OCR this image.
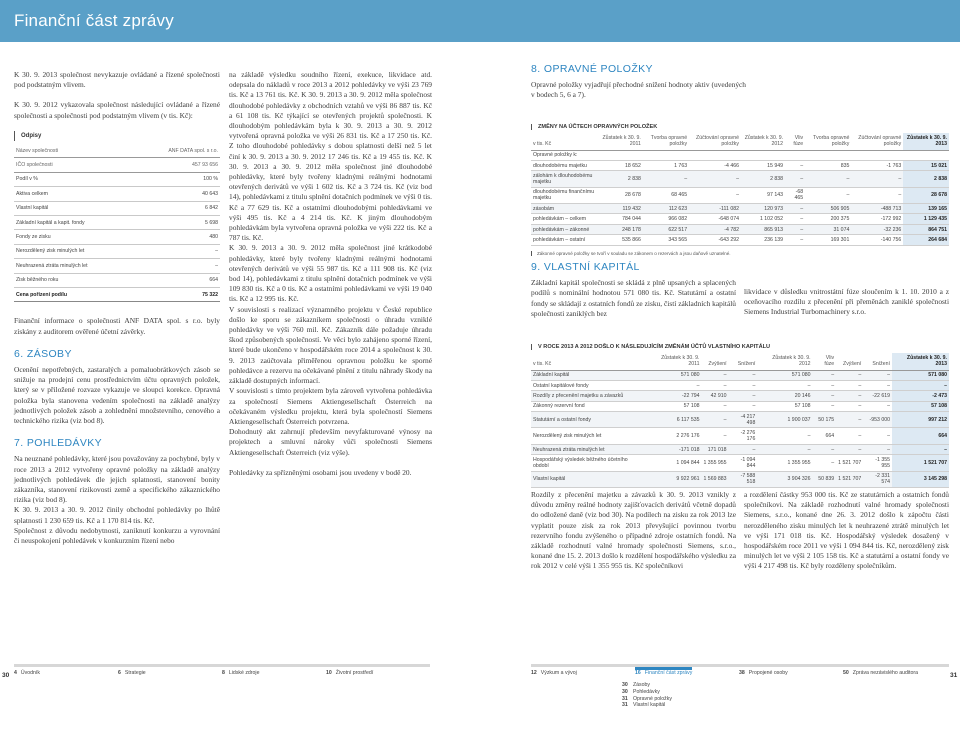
Finanční část zprávy

K 30. 9. 2013 společnost nevykazuje ovládané a řízené společnosti pod podstatným vlivem.

K 30. 9. 2012 vykazovala společnost následující ovládané a řízené společnosti a společnosti pod podstatným vlivem (v tis. Kč):

Odpisy
Název společnosti	ANF DATA spol. s r.o.
IČO společnosti	457 93 656
Podíl v %	100 %
Aktiva celkem	40 643
Vlastní kapitál	6 842
Základní kapitál a kapit. fondy	5 698
Fondy ze zisku	480
Nerozdělený zisk minulých let	–
Neuhrazená ztráta minulých let	–
Zisk běžného roku	664
Cena pořízení podílu	75 322

Finanční informace o společnosti ANF DATA spol. s r.o. byly získány z auditorem ověřené účetní závěrky.

6. ZÁSOBY

Ocenění nepotřebných, zastaralých a pomaluobrátkových zásob se snižuje na prodejní cenu prostřednictvím účtu opravných položek, který se v přiložené rozvaze vykazuje ve sloupci korekce. Opravná položka byla stanovena vedením společnosti na základě analýzy jednotlivých položek zásob a zohlednění množstevního, cenového a technického rizika (viz bod 8).

7. POHLEDÁVKY

Na neuznané pohledávky, které jsou považovány za pochybné, byly v roce 2013 a 2012 vytvořeny opravné položky na základě analýzy jednotlivých pohledávek dle jejich splatnosti, stanovení bonity zákazníka, stanovení rizikovosti země a specifického zákaznického rizika (viz bod 8).

K 30. 9. 2013 a 30. 9. 2012 činily obchodní pohledávky po lhůtě splatnosti 1 230 659 tis. Kč a 1 170 814 tis. Kč.

Společnost z důvodu nedobytnosti, zaniknutí konkurzu a vyrovnání či neuspokojení pohledávek v konkurzním řízení nebo

na základě výsledku soudního řízení, exekuce, likvidace atd. odepsala do nákladů v roce 2013 a 2012 pohledávky ve výši 23 769 tis. Kč a 13 761 tis. Kč. K 30. 9. 2013 a 30. 9. 2012 měla společnost dlouhodobé pohledávky z obchodních vztahů ve výši 86 887 tis. Kč a 61 108 tis. Kč týkající se otevřených projektů společnosti. K dlouhodobým pohledávkám byla k 30. 9. 2013 a 30. 9. 2012 vytvořená opravná položka ve výši 26 831 tis. Kč a 17 250 tis. Kč. Z toho dlouhodobé pohledávky s dobou splatnosti delší než 5 let činí k 30. 9. 2013 a 30. 9. 2012 17 246 tis. Kč a 19 455 tis. Kč. K 30. 9. 2013 a 30. 9. 2012 měla společnost jiné dlouhodobé pohledávky, které byly tvořeny kladnými reálnými hodnotami otevřených derivátů ve výši 1 602 tis. Kč a 3 724 tis. Kč (viz bod 14), pohledávkami z titulu splnění dotačních podmínek ve výši 0 tis. Kč a 77 629 tis. Kč a ostatními dlouhodobými pohledávkami ve výši 495 tis. Kč a 4 214 tis. Kč. K jiným dlouhodobým pohledávkám byla vytvořena opravná položka ve výši 222 tis. Kč a 787 tis. Kč.

K 30. 9. 2013 a 30. 9. 2012 měla společnost jiné krátkodobé pohledávky, které byly tvořeny kladnými reálnými hodnotami otevřených derivátů ve výši 55 987 tis. Kč a 111 908 tis. Kč (viz bod 14), pohledávkami z titulu splnění dotačních podmínek ve výši 109 830 tis. Kč a 0 tis. Kč a ostatními pohledávkami ve výši 19 040 tis. Kč a 12 995 tis. Kč.

V souvislosti s realizací významného projektu v České republice došlo ke sporu se zákazníkem společnosti o úhradu vzniklé pohledávky ve výši 760 mil. Kč. Zákazník dále požaduje úhradu škod způsobených společností. Ve věci bylo zahájeno sporné řízení, které bude ukončeno v hospodářském roce 2014 a společnost k 30. 9. 2013 zaúčtovala přiměřenou opravnou položku ke sporné pohledávce a rezervu na očekávané plnění z titulu náhrady škody na základě dostupných informací.

V souvislosti s tímto projektem byla zároveň vytvořena pohledávka za společností Siemens Aktiengesellschaft Österreich na očekávaném výsledku projektu, která byla společností Siemens Aktiengesellschaft Österreich potvrzena.

Dohodnutý akt zahrnují především nevyfakturované výnosy na projektech a smluvní nároky vůči společnosti Siemens Aktiengesellschaft Österreich (viz výše).

Pohledávky za spřízněnými osobami jsou uvedeny v bodě 20.

8. OPRAVNÉ POLOŽKY

Opravné položky vyjadřují přechodné snížení hodnoty aktiv (uvedených v bodech 5, 6 a 7).

ZMĚNY NA ÚČTECH OPRAVNÝCH POLOŽEK
v tis. Kč	Zůstatek k 30. 9. 2011	Tvorba opravné položky	Zúčtování opravné položky	Zůstatek k 30. 9. 2012	Vliv fúze	Tvorba opravné položky	Zúčtování opravné položky	Zůstatek k 30. 9. 2013
Opravné položky k:								
dlouhodobému majetku	18 652	1 763	-4 466	15 949	–	835	-1 763	15 021
zálohám k dlouhodobému majetku	2 838	–	–	2 838	–	–	–	2 838
dlouhodobému finančnímu majetku	28 678	68 465	–	97 143	-68 465	–	–	28 678
zásobám	119 432	112 623	-111 082	120 973	–	506 905	-488 713	139 165
pohledávkám – celkem	784 044	966 082	-648 074	1 102 052	–	200 375	-172 992	1 129 435
pohledávkám – zákonné	248 178	622 517	-4 782	865 913	–	31 074	-32 236	864 751
pohledávkám – ostatní	535 866	343 565	-643 292	236 139	–	169 301	-140 756	264 684
Zákonné opravné položky se tvoří v souladu se zákonem o rezervách a jsou daňově uznatelné.
9. VLASTNÍ KAPITÁL

Základní kapitál společnosti se skládá z plně upsaných a splacených podílů s nominální hodnotou 571 080 tis. Kč. Statutární a ostatní fondy se skládají z ostatních fondů ze zisku, čistí základních kapitálů společnosti zaniklých bez

likvidace v důsledku vnitrostátní fúze sloučením k 1. 10. 2010 a z oceňovacího rozdílu z přecenění při přeměnách zaniklé společnosti Siemens Industrial Turbomachinery s.r.o.

V ROCE 2013 A 2012 DOŠLO K NÁSLEDUJÍCÍM ZMĚNÁM ÚČTŮ VLASTNÍHO KAPITÁLU
v tis. Kč	Zůstatek k 30. 9. 2011	Zvýšení	Snížení	Zůstatek k 30. 9. 2012	Vliv fúze	Zvýšení	Snížení	Zůstatek k 30. 9. 2013
Základní kapitál	571 080	–	–	571 080	–	–	–	571 080
Ostatní kapitálové fondy	–	–	–	–	–	–	–	–
Rozdíly z přecenění majetku a závazků	-22 794	42 910	–	20 146	–	–	-22 619	-2 473
Zákonný rezervní fond	57 108	–	–	57 108	–	–	–	57 108
Statutární a ostatní fondy	6 117 535	–	-4 217 498	1 900 037	50 175	–	-953 000	997 212
Nerozdělený zisk minulých let	2 276 176	–	-2 276 176	–	664	–	–	664
Neuhrazená ztráta minulých let	-171 018	171 018	–	–	–	–	–	–
Hospodářský výsledek běžného účetního období	1 094 844	1 355 955	-1 094 844	1 355 955	–	1 521 707	-1 355 955	1 521 707
Vlastní kapitál	9 922 961	1 569 883	-7 588 518	3 904 326	50 839	1 521 707	-2 331 574	3 145 298

Rozdíly z přecenění majetku a závazků k 30. 9. 2013 vznikly z důvodu změny reálné hodnoty zajišťovacích derivátů včetně dopadů do odložené daně (viz bod 30). Na podílech na zisku za rok 2013 lze vyplatit pouze zisk za rok 2013 převyšující povinnou tvorbu rezervního fondu zvýšeného o případné zdroje ostatních fondů. Na základě rozhodnutí valné hromady společnosti Siemens, s.r.o., konané dne 15. 2. 2013 došlo k rozdělení hospodářského výsledku za rok 2012 v celé výši 1 355 955 tis. Kč společníkovi

a rozdělení částky 953 000 tis. Kč ze statutárních a ostatních fondů společníkovi. Na základě rozhodnutí valné hromady společnosti Siemens, s.r.o., konané dne 26. 3. 2012 došlo k zápočtu části nerozděleného zisku minulých let k neuhrazené ztrátě minulých let ve výši 171 018 tis. Kč. Hospodářský výsledek dosažený v hospodářském roce 2011 ve výši 1 094 844 tis. Kč, nerozdělený zisk minulých let ve výši 2 105 158 tis. Kč a statutární a ostatní fondy ve výši 4 217 498 tis. Kč byly rozděleny společníkům.

30	31
4 Úvodník	6 Strategie	8 Lidské zdroje	10 Životní prostředí	12 Výzkum a vývoj	16 Finanční část zprávy	38 Propojené osoby	50 Zpráva nezávislého auditora
30 Zásoby
30 Pohledávky
31 Opravné položky
31 Vlastní kapitál
